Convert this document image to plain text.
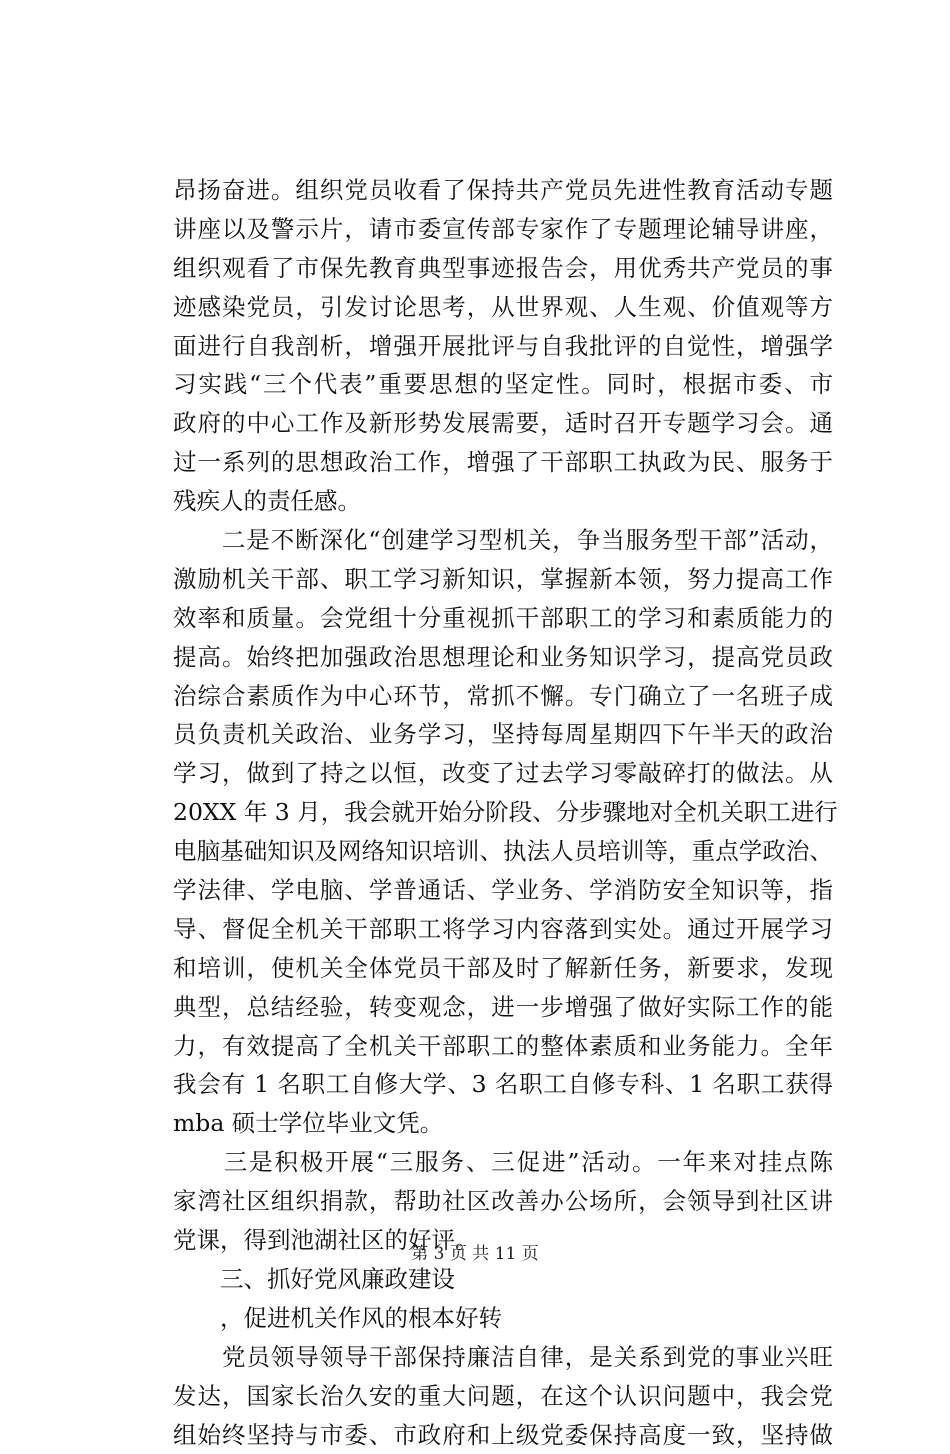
昂扬奋进。组织党员收看了保持共产党员先进性教育活动专题
讲座以及警示片，请市委宣传部专家作了专题理论辅导讲座，
组织观看了市保先教育典型事迹报告会，用优秀共产党员的事
迹感染党员，引发讨论思考，从世界观、人生观、价值观等方
面进行自我剖析，增强开展批评与自我批评的自觉性，增强学
习实践“三个代表”重要思想的坚定性。同时，根据市委、市
政府的中心工作及新形势发展需要，适时召开专题学习会。通
过一系列的思想政治工作，增强了干部职工执政为民、服务于
残疾人的责任感。
　　二是不断深化“创建学习型机关，争当服务型干部”活动，
激励机关干部、职工学习新知识，掌握新本领，努力提高工作
效率和质量。会党组十分重视抓干部职工的学习和素质能力的
提高。始终把加强政治思想理论和业务知识学习，提高党员政
治综合素质作为中心环节，常抓不懈。专门确立了一名班子成
员负责机关政治、业务学习，坚持每周星期四下午半天的政治
学习，做到了持之以恒，改变了过去学习零敲碎打的做法。从
20XX 年 3 月，我会就开始分阶段、分步骤地对全机关职工进行
电脑基础知识及网络知识培训、执法人员培训等，重点学政治、
学法律、学电脑、学普通话、学业务、学消防安全知识等，指
导、督促全机关干部职工将学习内容落到实处。通过开展学习
和培训，使机关全体党员干部及时了解新任务，新要求，发现
典型，总结经验，转变观念，进一步增强了做好实际工作的能
力，有效提高了全机关干部职工的整体素质和业务能力。全年
我会有 1 名职工自修大学、3 名职工自修专科、1 名职工获得
mba 硕士学位毕业文凭。
　　三是积极开展“三服务、三促进”活动。一年来对挂点陈
家湾社区组织捐款，帮助社区改善办公场所，会领导到社区讲
党课，得到池湖社区的好评。
　　三、抓好党风廉政建设
　　，促进机关作风的根本好转
　　党员领导领导干部保持廉洁自律，是关系到党的事业兴旺
发达，国家长治久安的重大问题，在这个认识问题中，我会党
组始终坚持与市委、市政府和上级党委保持高度一致，坚持做
第 3 页 共 11 页
